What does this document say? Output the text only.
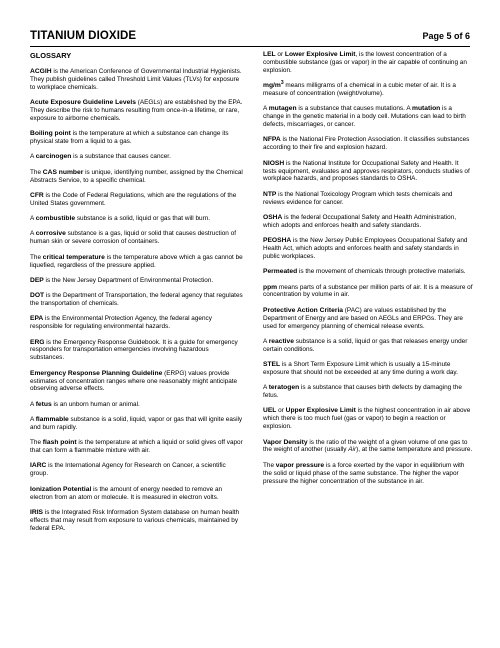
TITANIUM DIOXIDE	Page 5 of 6
GLOSSARY

ACGIH is the American Conference of Governmental Industrial Hygienists. They publish guidelines called Threshold Limit Values (TLVs) for exposure to workplace chemicals.

Acute Exposure Guideline Levels (AEGLs) are established by the EPA. They describe the risk to humans resulting from once-in-a lifetime, or rare, exposure to airborne chemicals.

Boiling point is the temperature at which a substance can change its physical state from a liquid to a gas.

A carcinogen is a substance that causes cancer.

The CAS number is unique, identifying number, assigned by the Chemical Abstracts Service, to a specific chemical.

CFR is the Code of Federal Regulations, which are the regulations of the United States government.

A combustible substance is a solid, liquid or gas that will burn.

A corrosive substance is a gas, liquid or solid that causes destruction of human skin or severe corrosion of containers.

The critical temperature is the temperature above which a gas cannot be liquefied, regardless of the pressure applied.

DEP is the New Jersey Department of Environmental Protection.

DOT is the Department of Transportation, the federal agency that regulates the transportation of chemicals.

EPA is the Environmental Protection Agency, the federal agency responsible for regulating environmental hazards.

ERG is the Emergency Response Guidebook. It is a guide for emergency responders for transportation emergencies involving hazardous substances.

Emergency Response Planning Guideline (ERPG) values provide estimates of concentration ranges where one reasonably might anticipate observing adverse effects.

A fetus is an unborn human or animal.

A flammable substance is a solid, liquid, vapor or gas that will ignite easily and burn rapidly.

The flash point is the temperature at which a liquid or solid gives off vapor that can form a flammable mixture with air.

IARC is the International Agency for Research on Cancer, a scientific group.

Ionization Potential is the amount of energy needed to remove an electron from an atom or molecule. It is measured in electron volts.

IRIS is the Integrated Risk Information System database on human health effects that may result from exposure to various chemicals, maintained by federal EPA.

LEL or Lower Explosive Limit, is the lowest concentration of a combustible substance (gas or vapor) in the air capable of continuing an explosion.

$mg/m^3$ means milligrams of a chemical in a cubic meter of air. It is a measure of concentration (weight/volume).

A mutagen is a substance that causes mutations. A mutation is a change in the genetic material in a body cell. Mutations can lead to birth defects, miscarriages, or cancer.

NFPA is the National Fire Protection Association. It classifies substances according to their fire and explosion hazard.

NIOSH is the National Institute for Occupational Safety and Health. It tests equipment, evaluates and approves respirators, conducts studies of workplace hazards, and proposes standards to OSHA.

NTP is the National Toxicology Program which tests chemicals and reviews evidence for cancer.

OSHA is the federal Occupational Safety and Health Administration, which adopts and enforces health and safety standards.

PEOSHA is the New Jersey Public Employees Occupational Safety and Health Act, which adopts and enforces health and safety standards in public workplaces.

Permeated is the movement of chemicals through protective materials.

ppm means parts of a substance per million parts of air. It is a measure of concentration by volume in air.

Protective Action Criteria (PAC) are values established by the Department of Energy and are based on AEGLs and ERPGs. They are used for emergency planning of chemical release events.

A reactive substance is a solid, liquid or gas that releases energy under certain conditions.

STEL is a Short Term Exposure Limit which is usually a 15-minute exposure that should not be exceeded at any time during a work day.

A teratogen is a substance that causes birth defects by damaging the fetus.

UEL or Upper Explosive Limit is the highest concentration in air above which there is too much fuel (gas or vapor) to begin a reaction or explosion.

Vapor Density is the ratio of the weight of a given volume of one gas to the weight of another (usually Air), at the same temperature and pressure.

The vapor pressure is a force exerted by the vapor in equilibrium with the solid or liquid phase of the same substance. The higher the vapor pressure the higher concentration of the substance in air.
